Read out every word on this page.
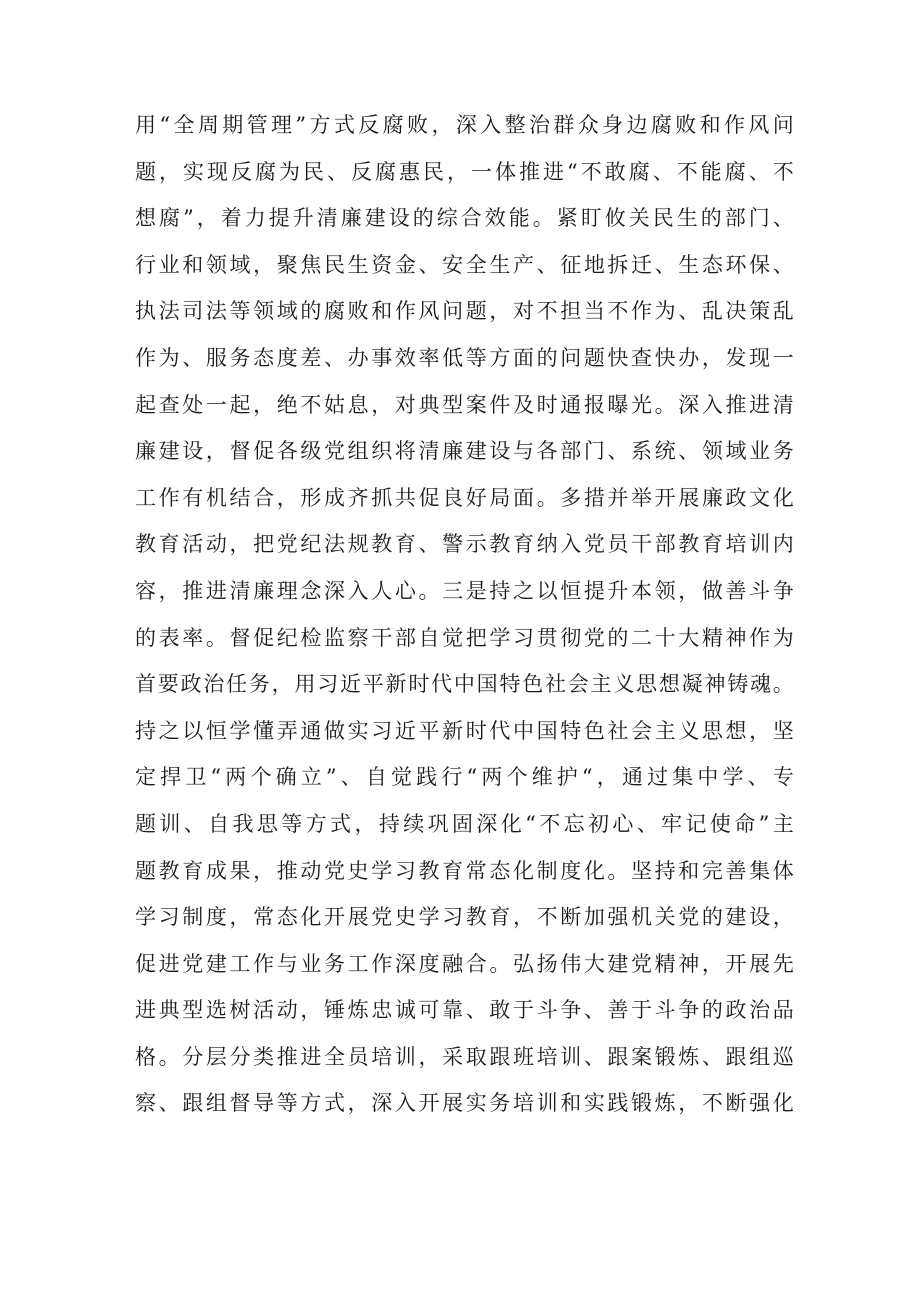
用“全周期管理”方式反腐败，深入整治群众身边腐败和作风问
题，实现反腐为民、反腐惠民，一体推进“不敢腐、不能腐、不
想腐”，着力提升清廉建设的综合效能。紧盯攸关民生的部门、
行业和领域，聚焦民生资金、安全生产、征地拆迁、生态环保、
执法司法等领域的腐败和作风问题，对不担当不作为、乱决策乱
作为、服务态度差、办事效率低等方面的问题快查快办，发现一
起查处一起，绝不姑息，对典型案件及时通报曝光。深入推进清
廉建设，督促各级党组织将清廉建设与各部门、系统、领域业务
工作有机结合，形成齐抓共促良好局面。多措并举开展廉政文化
教育活动，把党纪法规教育、警示教育纳入党员干部教育培训内
容，推进清廉理念深入人心。三是持之以恒提升本领，做善斗争
的表率。督促纪检监察干部自觉把学习贯彻党的二十大精神作为
首要政治任务，用习近平新时代中国特色社会主义思想凝神铸魂。
持之以恒学懂弄通做实习近平新时代中国特色社会主义思想，坚
定捍卫“两个确立”、自觉践行“两个维护“，通过集中学、专
题训、自我思等方式，持续巩固深化“不忘初心、牢记使命”主
题教育成果，推动党史学习教育常态化制度化。坚持和完善集体
学习制度，常态化开展党史学习教育，不断加强机关党的建设，
促进党建工作与业务工作深度融合。弘扬伟大建党精神，开展先
进典型选树活动，锤炼忠诚可靠、敢于斗争、善于斗争的政治品
格。分层分类推进全员培训，采取跟班培训、跟案锻炼、跟组巡
察、跟组督导等方式，深入开展实务培训和实践锻炼，不断强化
